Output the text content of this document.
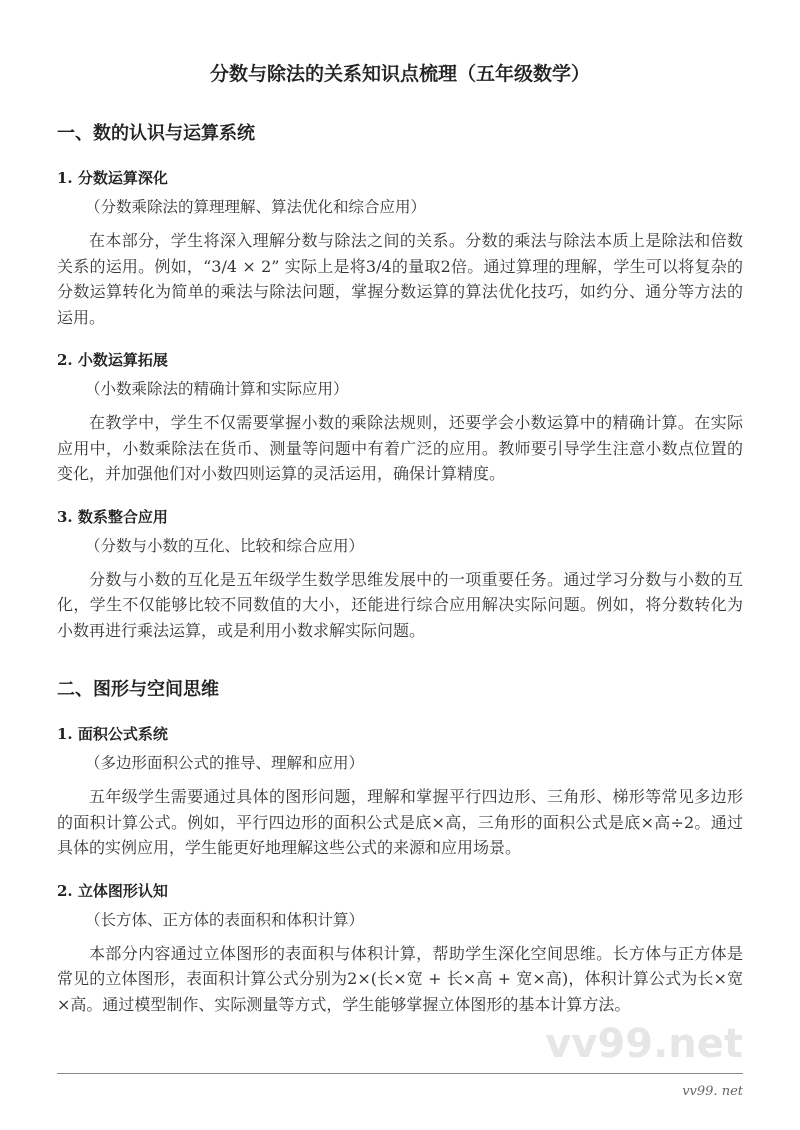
分数与除法的关系知识点梳理（五年级数学）
一、数的认识与运算系统
1. 分数运算深化
（分数乘除法的算理理解、算法优化和综合应用）
在本部分，学生将深入理解分数与除法之间的关系。分数的乘法与除法本质上是除法和倍数关系的运用。例如，“3/4 × 2” 实际上是将3/4的量取2倍。通过算理的理解，学生可以将复杂的分数运算转化为简单的乘法与除法问题，掌握分数运算的算法优化技巧，如约分、通分等方法的运用。
2. 小数运算拓展
（小数乘除法的精确计算和实际应用）
在教学中，学生不仅需要掌握小数的乘除法规则，还要学会小数运算中的精确计算。在实际应用中，小数乘除法在货币、测量等问题中有着广泛的应用。教师要引导学生注意小数点位置的变化，并加强他们对小数四则运算的灵活运用，确保计算精度。
3. 数系整合应用
（分数与小数的互化、比较和综合应用）
分数与小数的互化是五年级学生数学思维发展中的一项重要任务。通过学习分数与小数的互化，学生不仅能够比较不同数值的大小，还能进行综合应用解决实际问题。例如，将分数转化为小数再进行乘法运算，或是利用小数求解实际问题。
二、图形与空间思维
1. 面积公式系统
（多边形面积公式的推导、理解和应用）
五年级学生需要通过具体的图形问题，理解和掌握平行四边形、三角形、梯形等常见多边形的面积计算公式。例如，平行四边形的面积公式是底×高，三角形的面积公式是底×高÷2。通过具体的实例应用，学生能更好地理解这些公式的来源和应用场景。
2. 立体图形认知
（长方体、正方体的表面积和体积计算）
本部分内容通过立体图形的表面积与体积计算，帮助学生深化空间思维。长方体与正方体是常见的立体图形，表面积计算公式分别为2×(长×宽 + 长×高 + 宽×高)，体积计算公式为长×宽×高。通过模型制作、实际测量等方式，学生能够掌握立体图形的基本计算方法。
vv99.net
vv99. net
